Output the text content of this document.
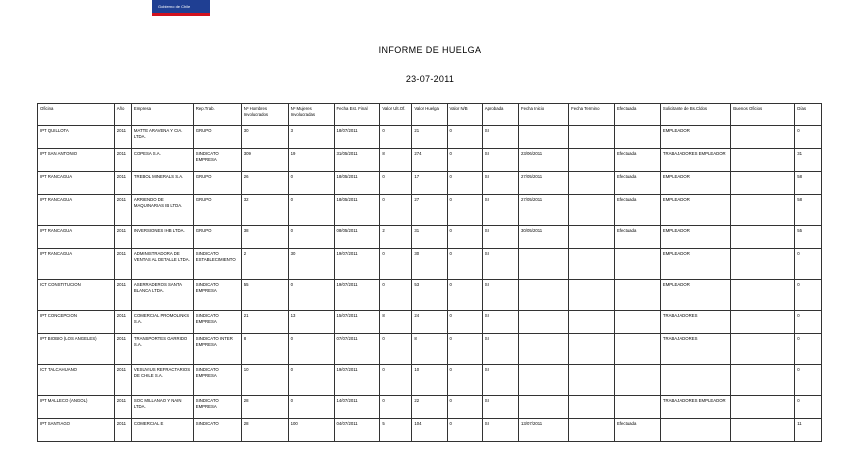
Gobierno de Chile
INFORME DE HUELGA
23-07-2011
Oficina	Año	Empresa	Rep.Trab.	Nº Hombres Involucrados	Nº Mujeres Involucradas	Fecha Est. Final	Valor Ult.Of.	Valor Huelga	Valor N/B	Aprobada	Fecha Inicio	Fecha Termino	Efectuada	Solicitante de Bs.Cldos	Buenos Oficios	Días
IPT QUILLOTA	2011	MATTE ARAVENA Y CIA. LTDA.	GRUPO	30	3	18/07/2011	0	21	0	SI				EMPLEADOR		0
IPT SAN ANTONIO	2011	COPESA S.A.	SINDICATO EMPRESA	309	19	31/05/2011	8	274	0	SI	23/06/2011		Efectuada	TRABAJADORES EMPLEADOR		31
IPT RANCAGUA	2011	TREBOL MINERALS S.A.	GRUPO	26	0	18/05/2011	0	17	0	SI	27/05/2011		Efectuada	EMPLEADOR		58
IPT RANCAGUA	2011	ARRIENDO DE MAQUINARIAS IB LTDA.	GRUPO	32	0	18/05/2011	0	27	0	SI	27/05/2011		Efectuada	EMPLEADOR		58
IPT RANCAGUA	2011	INVERSIONES IHB LTDA.	GRUPO	38	0	08/05/2011	2	31	0	SI	30/05/2011		Efectuada	EMPLEADOR		55
IPT RANCAGUA	2011	ADMINISTRADORA DE VENTAS AL DETALLE LTDA.	SINDICATO ESTABLECIMIENTO	2	30	19/07/2011	0	30	0	SI				EMPLEADOR		0
ICT CONSTITUCION	2011	ASERRADEROS SANTA BLANCA LTDA.	SINDICATO EMPRESA	55	0	19/07/2011	0	53	0	SI				EMPLEADOR		0
IPT CONCEPCION	2011	COMERCIAL PROMOLINKS S.A.	SINDICATO EMPRESA	21	13	15/07/2011	8	24	0	SI				TRABAJADORES		0
IPT BIOBIO (LOS ANGELES)	2011	TRANSPORTES GARRIDO S.A.	SINDICATO INTER EMPRESA	8	0	07/07/2011	0	8	0	SI				TRABAJADORES		0
ICT TALCAHUANO	2011	VESUVIUS REFRACTARIOS DE CHILE S.A.	SINDICATO EMPRESA	10	0	19/07/2011	0	10	0	SI						0
IPT MALLECO (ANGOL)	2011	SOC MILLANAO Y NAIN LTDA.	SINDICATO EMPRESA	28	0	14/07/2011	0	22	0	SI				TRABAJADORES EMPLEADOR		0
IPT SANTIAGO	2011	COMERCIAL E	SINDICATO	28	100	04/07/2011	5	104	0	SI	13/07/2011		Efectuada			11
